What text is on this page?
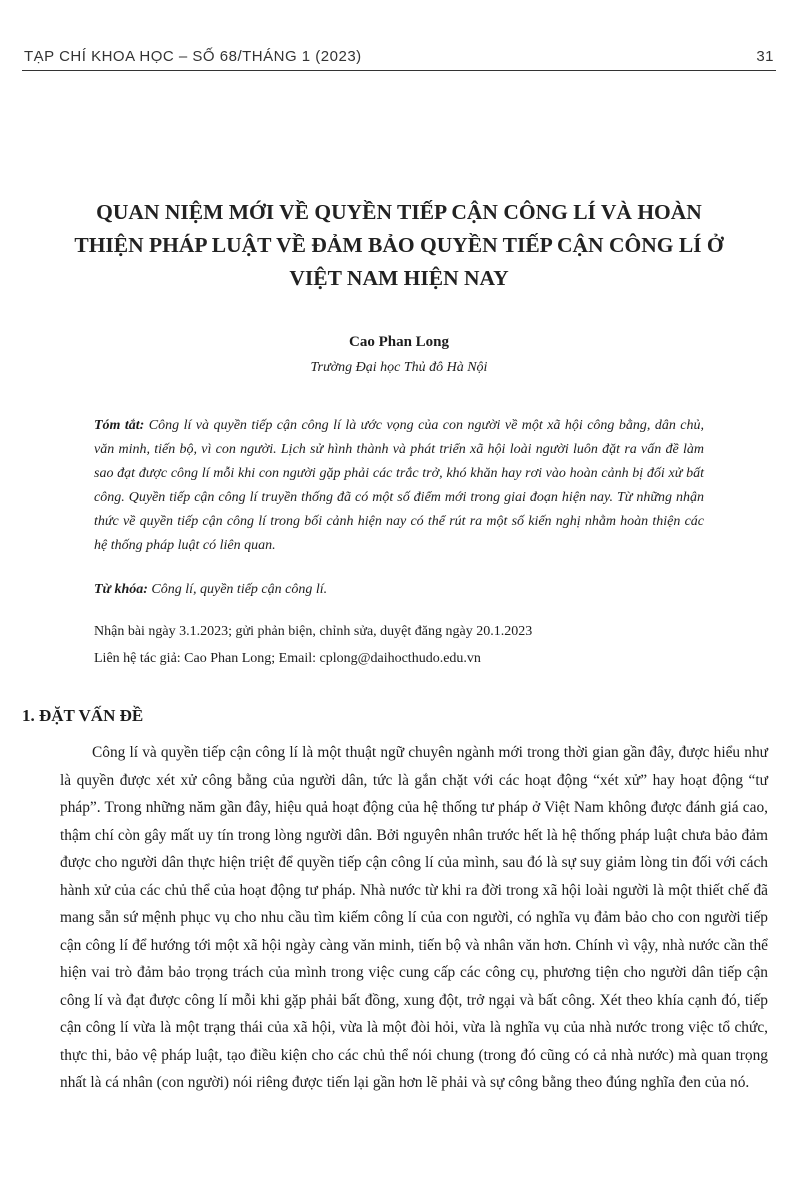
TẠP CHÍ KHOA HỌC – SỐ 68/THÁNG 1 (2023)	31
QUAN NIỆM MỚI VỀ QUYỀN TIẾP CẬN CÔNG LÍ VÀ HOÀN THIỆN PHÁP LUẬT VỀ ĐẢM BẢO QUYỀN TIẾP CẬN CÔNG LÍ Ở VIỆT NAM HIỆN NAY
Cao Phan Long
Trường Đại học Thủ đô Hà Nội

Tóm tắt: Công lí và quyền tiếp cận công lí là ước vọng của con người về một xã hội công bằng, dân chủ, văn minh, tiến bộ, vì con người. Lịch sử hình thành và phát triển xã hội loài người luôn đặt ra vấn đề làm sao đạt được công lí mỗi khi con người gặp phải các trắc trở, khó khăn hay rơi vào hoàn cảnh bị đối xử bất công. Quyền tiếp cận công lí truyền thống đã có một số điểm mới trong giai đoạn hiện nay. Từ những nhận thức về quyền tiếp cận công lí trong bối cảnh hiện nay có thể rút ra một số kiến nghị nhằm hoàn thiện các hệ thống pháp luật có liên quan.

Từ khóa: Công lí, quyền tiếp cận công lí.

Nhận bài ngày 3.1.2023; gửi phản biện, chỉnh sửa, duyệt đăng ngày 20.1.2023
Liên hệ tác giả: Cao Phan Long; Email: cplong@daihocthudo.edu.vn
1. ĐẶT VẤN ĐỀ

Công lí và quyền tiếp cận công lí là một thuật ngữ chuyên ngành mới trong thời gian gần đây, được hiểu như là quyền được xét xử công bằng của người dân, tức là gắn chặt với các hoạt động “xét xử” hay hoạt động “tư pháp”. Trong những năm gần đây, hiệu quả hoạt động của hệ thống tư pháp ở Việt Nam không được đánh giá cao, thậm chí còn gây mất uy tín trong lòng người dân. Bởi nguyên nhân trước hết là hệ thống pháp luật chưa bảo đảm được cho người dân thực hiện triệt để quyền tiếp cận công lí của mình, sau đó là sự suy giảm lòng tin đối với cách hành xử của các chủ thể của hoạt động tư pháp. Nhà nước từ khi ra đời trong xã hội loài người là một thiết chế đã mang sẵn sứ mệnh phục vụ cho nhu cầu tìm kiếm công lí của con người, có nghĩa vụ đảm bảo cho con người tiếp cận công lí để hướng tới một xã hội ngày càng văn minh, tiến bộ và nhân văn hơn. Chính vì vậy, nhà nước cần thể hiện vai trò đảm bảo trọng trách của mình trong việc cung cấp các công cụ, phương tiện cho người dân tiếp cận công lí và đạt được công lí mỗi khi gặp phải bất đồng, xung đột, trở ngại và bất công. Xét theo khía cạnh đó, tiếp cận công lí vừa là một trạng thái của xã hội, vừa là một đòi hỏi, vừa là nghĩa vụ của nhà nước trong việc tổ chức, thực thi, bảo vệ pháp luật, tạo điều kiện cho các chủ thể nói chung (trong đó cũng có cả nhà nước) mà quan trọng nhất là cá nhân (con người) nói riêng được tiến lại gần hơn lẽ phải và sự công bằng theo đúng nghĩa đen của nó.
